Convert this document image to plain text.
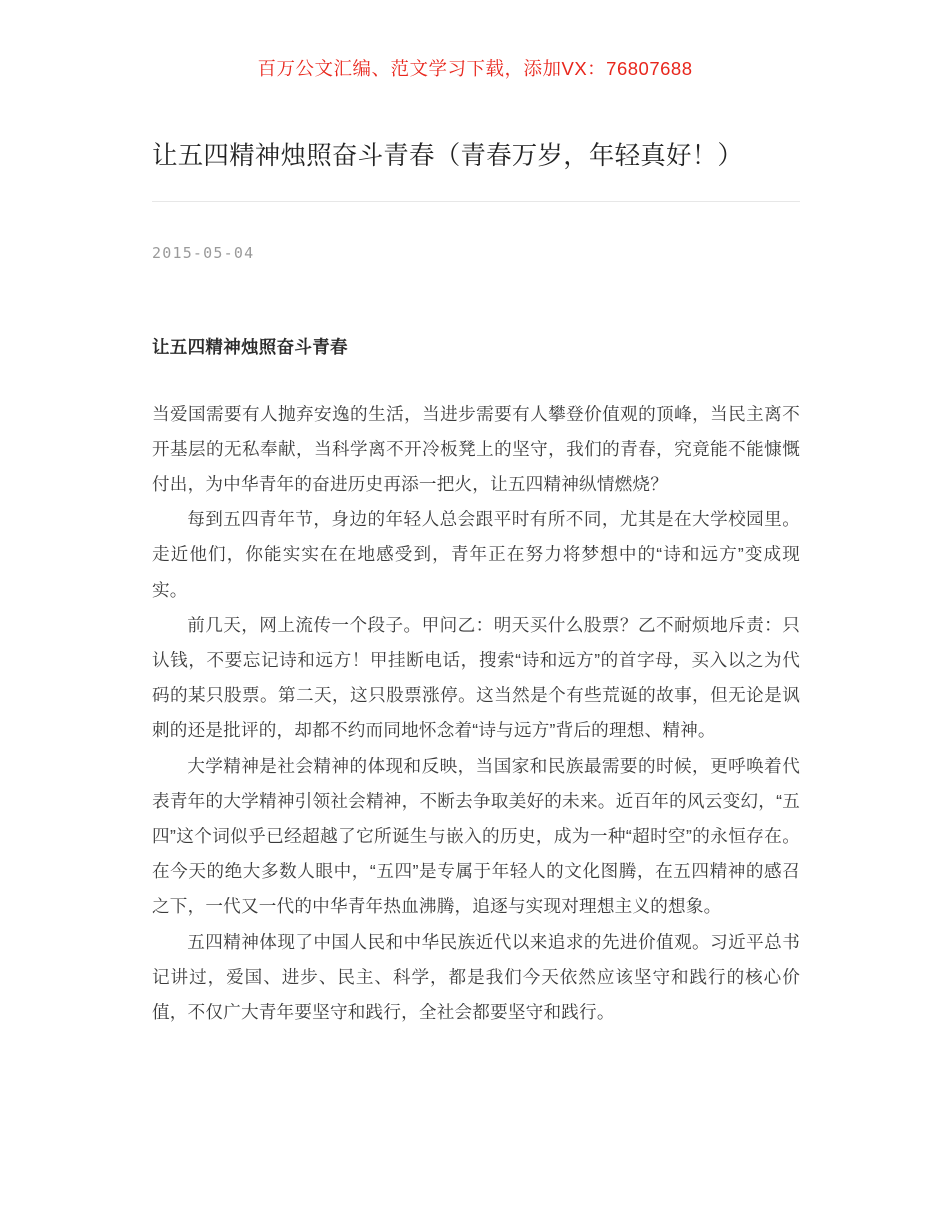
百万公文汇编、范文学习下载，添加VX：76807688
让五四精神烛照奋斗青春（青春万岁，年轻真好！）
2015-05-04
让五四精神烛照奋斗青春

当爱国需要有人抛弃安逸的生活，当进步需要有人攀登价值观的顶峰，当民主离不开基层的无私奉献，当科学离不开冷板凳上的坚守，我们的青春，究竟能不能慷慨付出，为中华青年的奋进历史再添一把火，让五四精神纵情燃烧？

每到五四青年节，身边的年轻人总会跟平时有所不同，尤其是在大学校园里。走近他们，你能实实在在地感受到，青年正在努力将梦想中的“诗和远方”变成现实。

前几天，网上流传一个段子。甲问乙：明天买什么股票？乙不耐烦地斥责：只认钱，不要忘记诗和远方！甲挂断电话，搜索“诗和远方”的首字母，买入以之为代码的某只股票。第二天，这只股票涨停。这当然是个有些荒诞的故事，但无论是讽刺的还是批评的，却都不约而同地怀念着“诗与远方”背后的理想、精神。

大学精神是社会精神的体现和反映，当国家和民族最需要的时候，更呼唤着代表青年的大学精神引领社会精神，不断去争取美好的未来。近百年的风云变幻，“五四”这个词似乎已经超越了它所诞生与嵌入的历史，成为一种“超时空”的永恒存在。在今天的绝大多数人眼中，“五四”是专属于年轻人的文化图腾，在五四精神的感召之下，一代又一代的中华青年热血沸腾，追逐与实现对理想主义的想象。

五四精神体现了中国人民和中华民族近代以来追求的先进价值观。习近平总书记讲过，爱国、进步、民主、科学，都是我们今天依然应该坚守和践行的核心价值，不仅广大青年要坚守和践行，全社会都要坚守和践行。
